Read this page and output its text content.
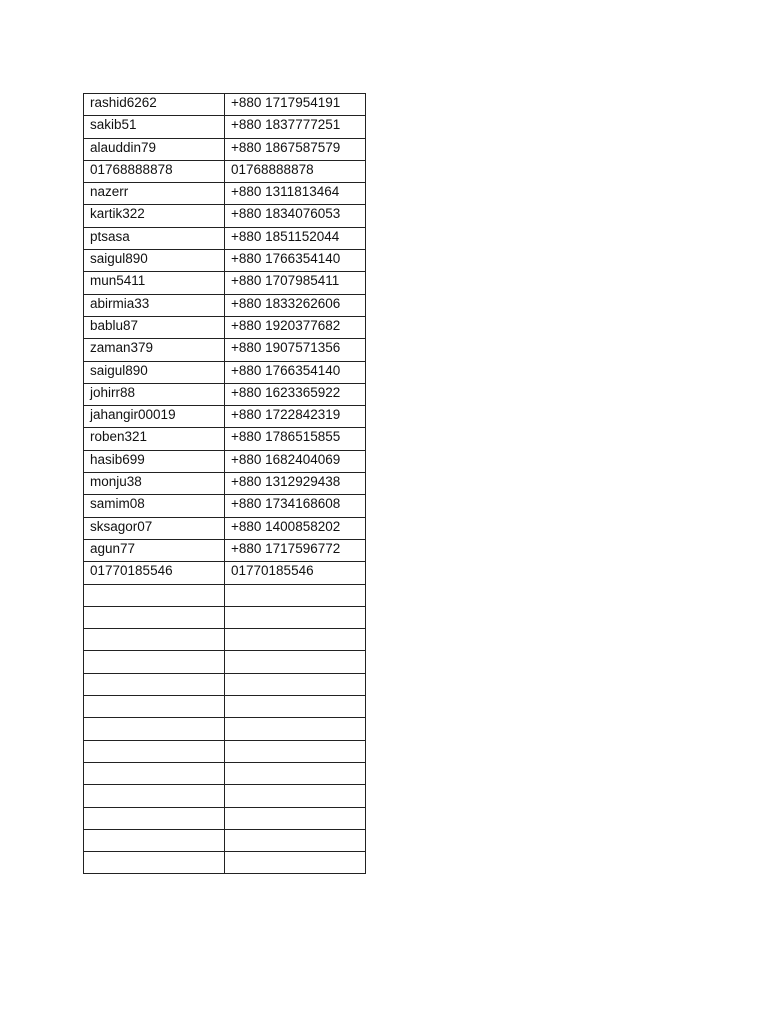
rashid6262	+880 1717954191
sakib51	+880 1837777251
alauddin79	+880 1867587579
01768888878	01768888878
nazerr	+880 1311813464
kartik322	+880 1834076053
ptsasa	+880 1851152044
saigul890	+880 1766354140
mun5411	+880 1707985411
abirmia33	+880 1833262606
bablu87	+880 1920377682
zaman379	+880 1907571356
saigul890	+880 1766354140
johirr88	+880 1623365922
jahangir00019	+880 1722842319
roben321	+880 1786515855
hasib699	+880 1682404069
monju38	+880 1312929438
samim08	+880 1734168608
sksagor07	+880 1400858202
agun77	+880 1717596772
01770185546	01770185546
